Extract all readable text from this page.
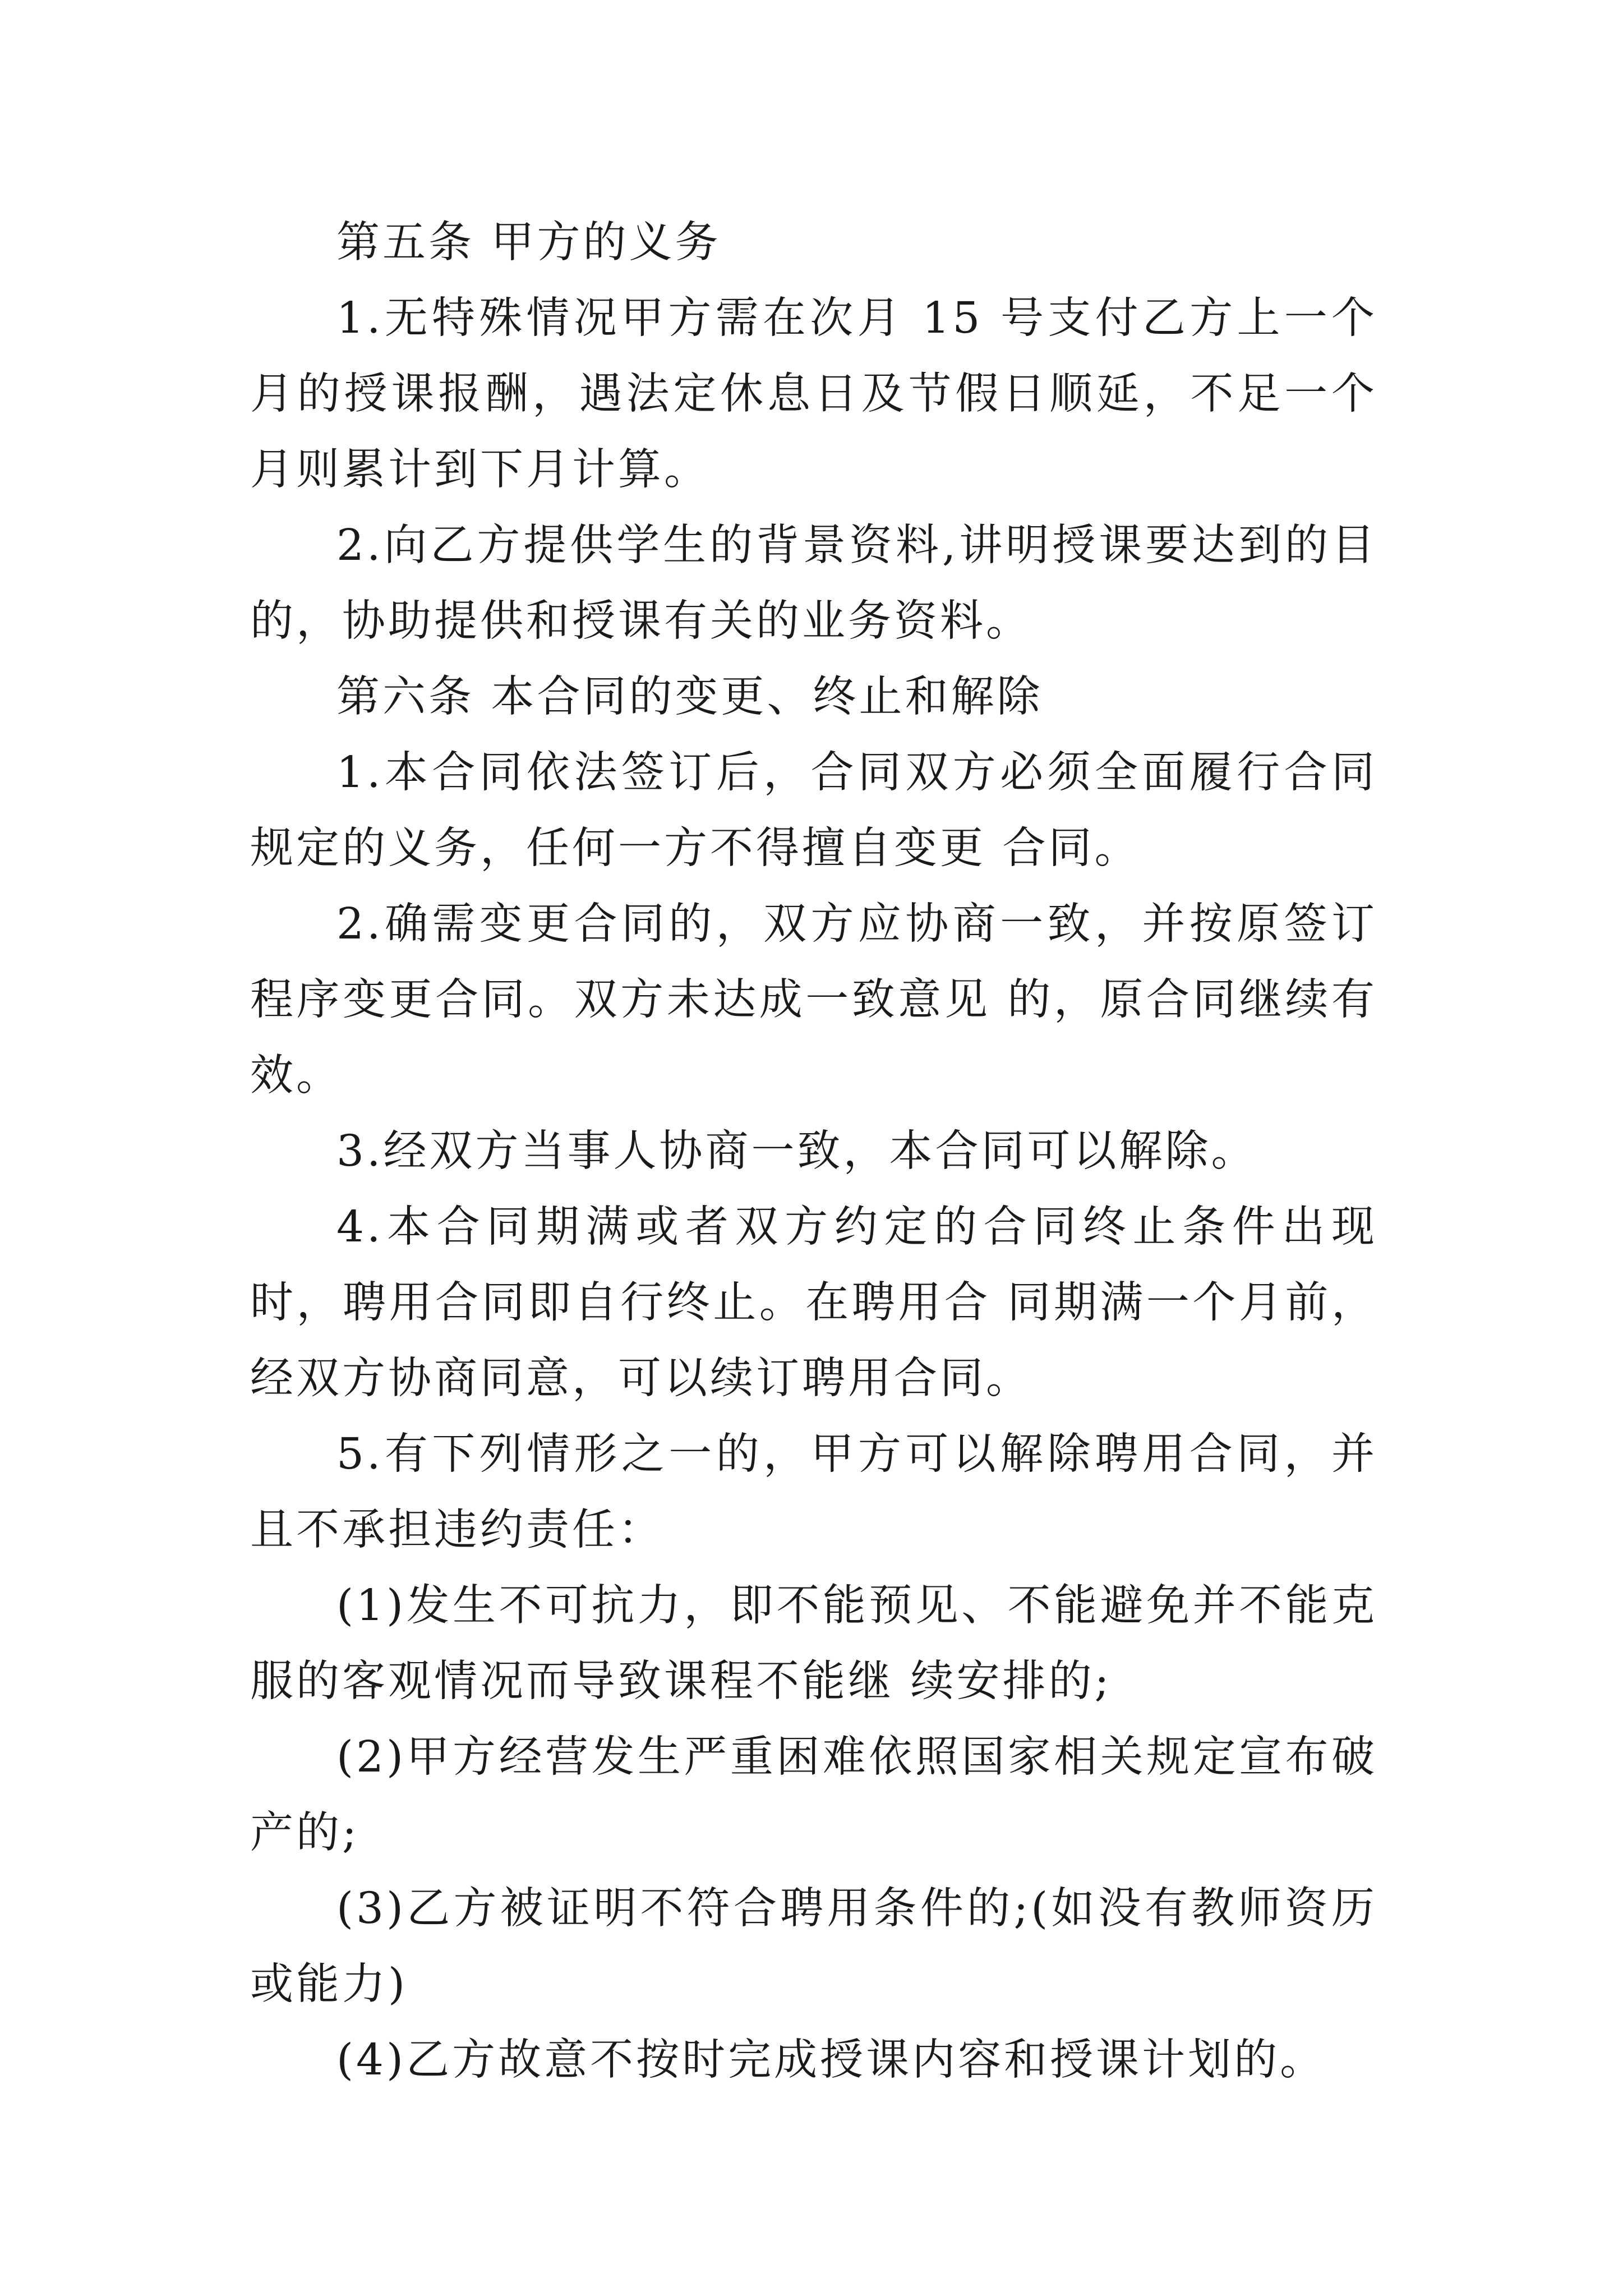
第五条 甲方的义务

1.无特殊情况甲方需在次月 15 号支付乙方上一个月的授课报酬，遇法定休息日及节假日顺延，不足一个月则累计到下月计算。

2.向乙方提供学生的背景资料,讲明授课要达到的目的，协助提供和授课有关的业务资料。

第六条 本合同的变更、终止和解除

1.本合同依法签订后，合同双方必须全面履行合同规定的义务，任何一方不得擅自变更 合同。

2.确需变更合同的，双方应协商一致，并按原签订程序变更合同。双方未达成一致意见 的，原合同继续有效。

3.经双方当事人协商一致，本合同可以解除。

4.本合同期满或者双方约定的合同终止条件出现时，聘用合同即自行终止。在聘用合 同期满一个月前，经双方协商同意，可以续订聘用合同。

5.有下列情形之一的，甲方可以解除聘用合同，并且不承担违约责任：

(1)发生不可抗力，即不能预见、不能避免并不能克服的客观情况而导致课程不能继 续安排的;

(2)甲方经营发生严重困难依照国家相关规定宣布破产的;

(3)乙方被证明不符合聘用条件的;(如没有教师资历或能力)

(4)乙方故意不按时完成授课内容和授课计划的。
